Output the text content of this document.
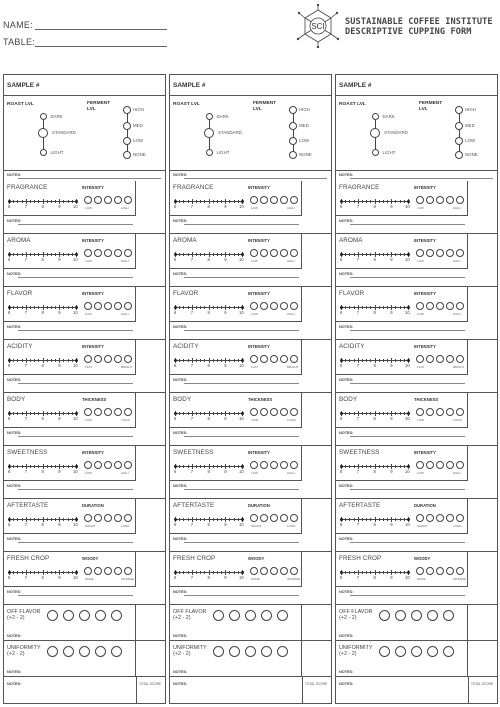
NAME:
TABLE:
SCI SUSTAINABLE COFFEE INSTITUTE
DESCRIPTIVE CUPPING FORM
SAMPLE #
ROAST LVL	FERMENT LVL
DARK
STANDARD
LIGHT
HIGH
MED
LOW
NONE
NOTES:
FRAGRANCE	INTENSITY
6	7	8	9	10 LOW	HIGH
NOTES:
AROMA	INTENSITY
6	7	8	9	10 LOW	HIGH
NOTES:
FLAVOR	INTENSITY
6	7	8	9	10 LOW	HIGH
NOTES:
ACIDITY	INTENSITY
6	7	8	9	10 FLAT	BRIGHT
NOTES:
BODY	THICKNESS
6	7	8	9	10 THIN	THICK
NOTES:
SWEETNESS	INTENSITY
6	7	8	9	10 LOW	HIGH
NOTES:
AFTERTASTE	DURATION
6	7	8	9	10 SHORT	LONG
NOTES:
FRESH CROP	WOODY
6	7	8	9	10 NONE	INTENSE
NOTES:
OFF FLAVOR
(+2 - 2)
NOTES:
UNIFORMITY
(+2 - 2)
NOTES:
NOTES:	TOTAL SCORE
SAMPLE #
ROAST LVL	FERMENT LVL
DARK
STANDARD
LIGHT
HIGH
MED
LOW
NONE
NOTES:
FRAGRANCE	INTENSITY
6	7	8	9	10 LOW	HIGH
NOTES:
AROMA	INTENSITY
6	7	8	9	10 LOW	HIGH
NOTES:
FLAVOR	INTENSITY
6	7	8	9	10 LOW	HIGH
NOTES:
ACIDITY	INTENSITY
6	7	8	9	10 FLAT	BRIGHT
NOTES:
BODY	THICKNESS
6	7	8	9	10 THIN	THICK
NOTES:
SWEETNESS	INTENSITY
6	7	8	9	10 LOW	HIGH
NOTES:
AFTERTASTE	DURATION
6	7	8	9	10 SHORT	LONG
NOTES:
FRESH CROP	WOODY
6	7	8	9	10 NONE	INTENSE
NOTES:
OFF FLAVOR
(+2 - 2)
NOTES:
UNIFORMITY
(+2 - 2)
NOTES:
NOTES:	TOTAL SCORE
SAMPLE #
ROAST LVL	FERMENT LVL
DARK
STANDARD
LIGHT
HIGH
MED
LOW
NONE
NOTES:
FRAGRANCE	INTENSITY
6	7	8	9	10 LOW	HIGH
NOTES:
AROMA	INTENSITY
6	7	8	9	10 LOW	HIGH
NOTES:
FLAVOR	INTENSITY
6	7	8	9	10 LOW	HIGH
NOTES:
ACIDITY	INTENSITY
6	7	8	9	10 FLAT	BRIGHT
NOTES:
BODY	THICKNESS
6	7	8	9	10 THIN	THICK
NOTES:
SWEETNESS	INTENSITY
6	7	8	9	10 LOW	HIGH
NOTES:
AFTERTASTE	DURATION
6	7	8	9	10 SHORT	LONG
NOTES:
FRESH CROP	WOODY
6	7	8	9	10 NONE	INTENSE
NOTES:
OFF FLAVOR
(+2 - 2)
NOTES:
UNIFORMITY
(+2 - 2)
NOTES:
NOTES:	TOTAL SCORE
